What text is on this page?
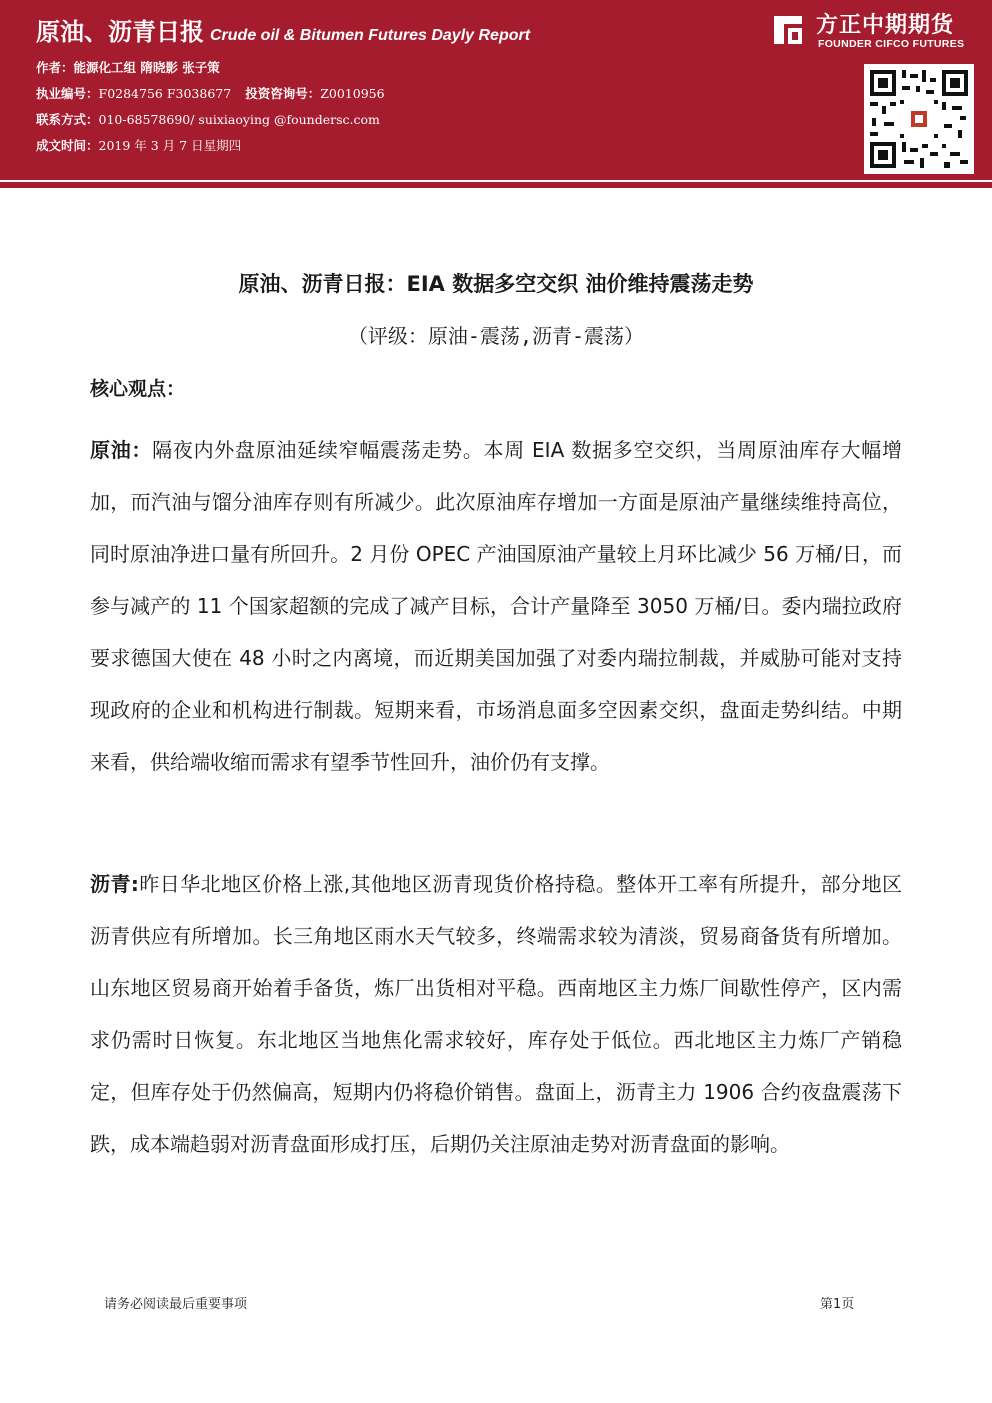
原油、沥青日报 Crude oil & Bitumen Futures Dayly Report
作者：能源化工组 隋晓影 张子策
执业编号：F0284756 F3038677 投资咨询号：Z0010956
联系方式：010-68578690/ suixiaoying @foundersc.com
成文时间：2019 年 3 月 7 日星期四
方正中期期货
FOUNDER CIFCO FUTURES
原油、沥青日报：EIA 数据多空交织 油价维持震荡走势
（评级：原油-震荡,沥青-震荡）
核心观点：
原油：隔夜内外盘原油延续窄幅震荡走势。本周 EIA 数据多空交织，当周原油库存大幅增加，而汽油与馏分油库存则有所减少。此次原油库存增加一方面是原油产量继续维持高位，同时原油净进口量有所回升。2 月份 OPEC 产油国原油产量较上月环比减少 56 万桶/日，而参与减产的 11 个国家超额的完成了减产目标，合计产量降至 3050 万桶/日。委内瑞拉政府要求德国大使在 48 小时之内离境，而近期美国加强了对委内瑞拉制裁，并威胁可能对支持现政府的企业和机构进行制裁。短期来看，市场消息面多空因素交织，盘面走势纠结。中期来看，供给端收缩而需求有望季节性回升，油价仍有支撑。
沥青:昨日华北地区价格上涨,其他地区沥青现货价格持稳。整体开工率有所提升，部分地区沥青供应有所增加。长三角地区雨水天气较多，终端需求较为清淡，贸易商备货有所增加。山东地区贸易商开始着手备货，炼厂出货相对平稳。西南地区主力炼厂间歇性停产，区内需求仍需时日恢复。东北地区当地焦化需求较好，库存处于低位。西北地区主力炼厂产销稳定，但库存处于仍然偏高，短期内仍将稳价销售。盘面上，沥青主力 1906 合约夜盘震荡下跌，成本端趋弱对沥青盘面形成打压，后期仍关注原油走势对沥青盘面的影响。
请务必阅读最后重要事项	第1页
